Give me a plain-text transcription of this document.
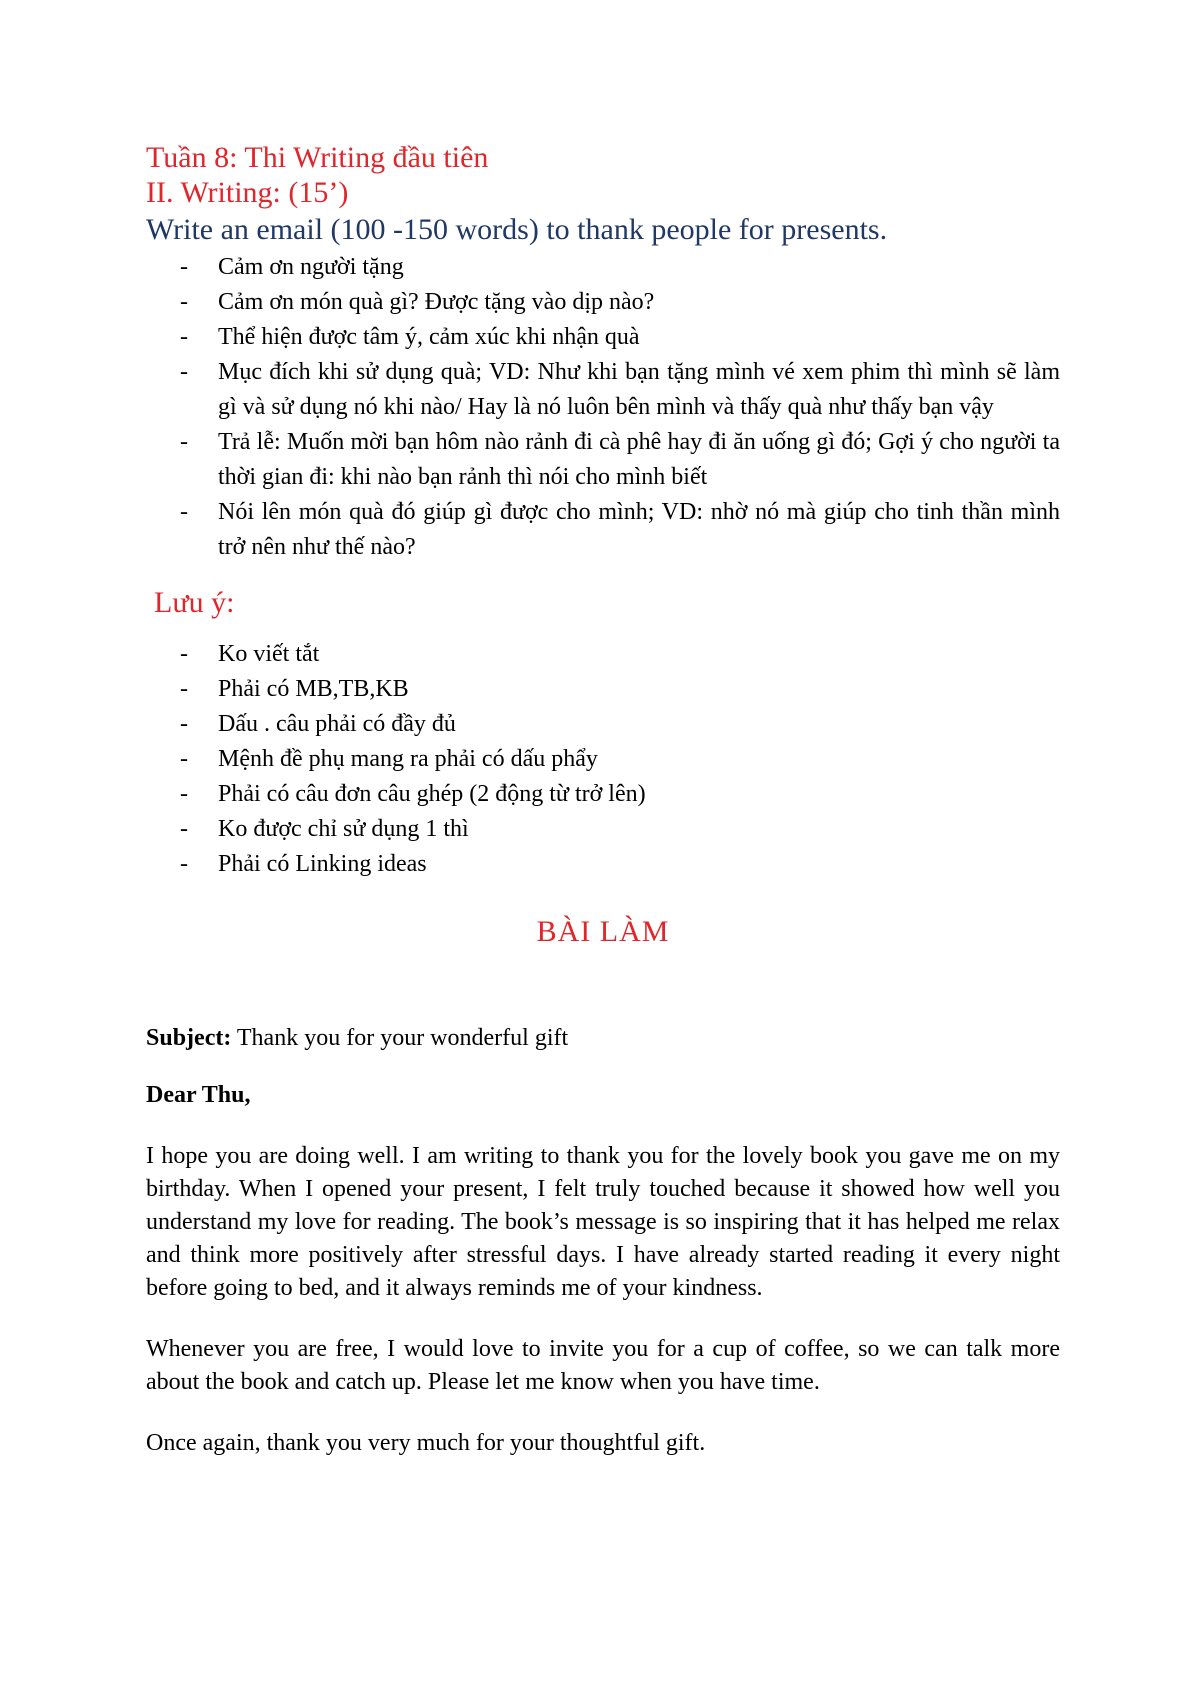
Tuần 8: Thi Writing đầu tiên
II. Writing: (15’)

Write an email (100 -150 words) to thank people for presents.

- Cảm ơn người tặng
- Cảm ơn món quà gì? Được tặng vào dịp nào?
- Thể hiện được tâm ý, cảm xúc khi nhận quà
- Mục đích khi sử dụng quà; VD: Như khi bạn tặng mình vé xem phim thì mình sẽ làm gì và sử dụng nó khi nào/ Hay là nó luôn bên mình và thấy quà như thấy bạn vậy
- Trả lễ: Muốn mời bạn hôm nào rảnh đi cà phê hay đi ăn uống gì đó; Gợi ý cho người ta thời gian đi: khi nào bạn rảnh thì nói cho mình biết
- Nói lên món quà đó giúp gì được cho mình; VD: nhờ nó mà giúp cho tinh thần mình trở nên như thế nào?
Lưu ý:
- Ko viết tắt
- Phải có MB,TB,KB
- Dấu . câu phải có đầy đủ
- Mệnh đề phụ mang ra phải có dấu phẩy
- Phải có câu đơn câu ghép (2 động từ trở lên)
- Ko được chỉ sử dụng 1 thì
- Phải có Linking ideas
BÀI LÀM

Subject: Thank you for your wonderful gift

Dear Thu,

I hope you are doing well. I am writing to thank you for the lovely book you gave me on my birthday. When I opened your present, I felt truly touched because it showed how well you understand my love for reading. The book’s message is so inspiring that it has helped me relax and think more positively after stressful days. I have already started reading it every night before going to bed, and it always reminds me of your kindness.

Whenever you are free, I would love to invite you for a cup of coffee, so we can talk more about the book and catch up. Please let me know when you have time.

Once again, thank you very much for your thoughtful gift.
